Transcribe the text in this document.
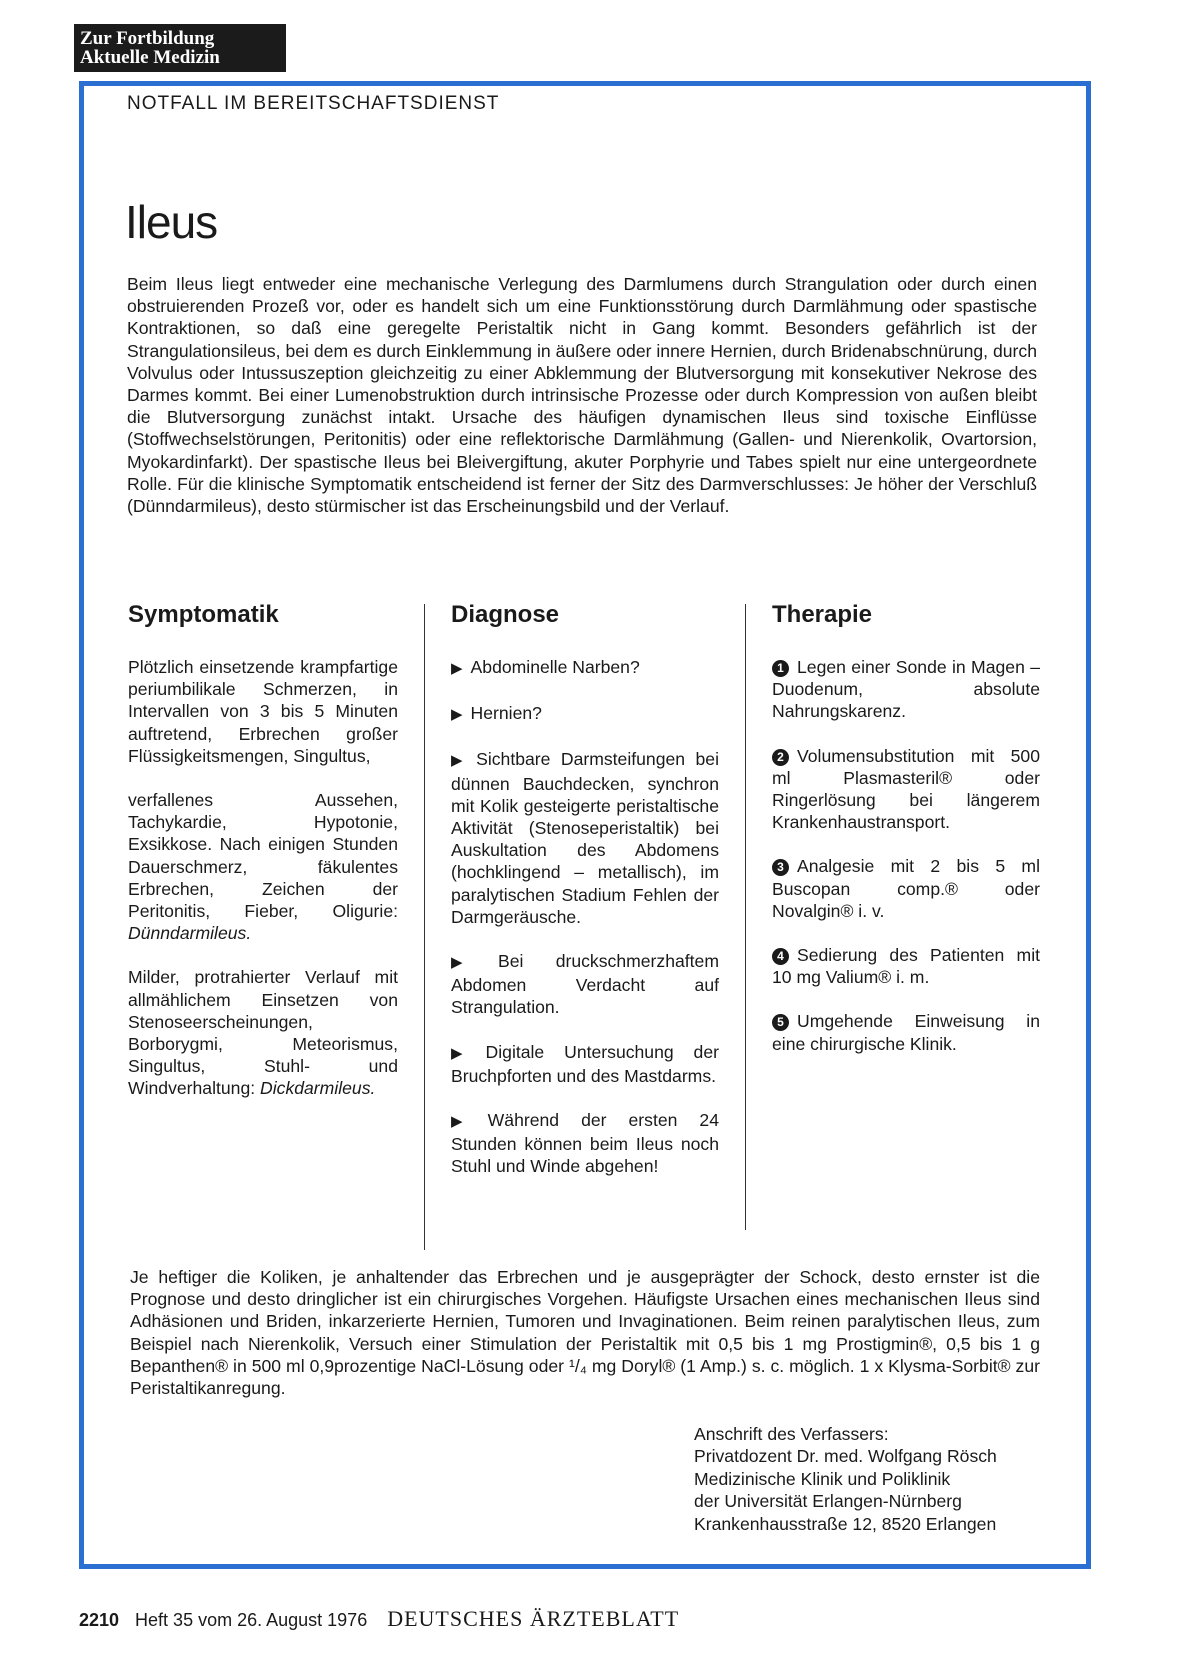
Zur Fortbildung
Aktuelle Medizin
NOTFALL IM BEREITSCHAFTSDIENST
Ileus

Beim Ileus liegt entweder eine mechanische Verlegung des Darmlumens durch Strangulation oder durch einen obstruierenden Prozeß vor, oder es handelt sich um eine Funktionsstörung durch Darmlähmung oder spastische Kontraktionen, so daß eine geregelte Peristaltik nicht in Gang kommt. Besonders gefährlich ist der Strangulationsileus, bei dem es durch Einklemmung in äußere oder innere Hernien, durch Bridenabschnürung, durch Volvulus oder Intussuszeption gleichzeitig zu einer Abklemmung der Blutversorgung mit konsekutiver Nekrose des Darmes kommt. Bei einer Lumenobstruktion durch intrinsische Prozesse oder durch Kompression von außen bleibt die Blutversorgung zunächst intakt. Ursache des häufigen dynamischen Ileus sind toxische Einflüsse (Stoffwechselstörungen, Peritonitis) oder eine reflektorische Darmlähmung (Gallen- und Nierenkolik, Ovartorsion, Myokardinfarkt). Der spastische Ileus bei Bleivergiftung, akuter Porphyrie und Tabes spielt nur eine untergeordnete Rolle. Für die klinische Symptomatik entscheidend ist ferner der Sitz des Darmverschlusses: Je höher der Verschluß (Dünndarmileus), desto stürmischer ist das Erscheinungsbild und der Verlauf.

Symptomatik

Plötzlich einsetzende krampfartige periumbilikale Schmerzen, in Intervallen von 3 bis 5 Minuten auftretend, Erbrechen großer Flüssigkeitsmengen, Singultus,

verfallenes Aussehen, Tachykardie, Hypotonie, Exsikkose. Nach einigen Stunden Dauerschmerz, fäkulentes Erbrechen, Zeichen der Peritonitis, Fieber, Oligurie: Dünndarmileus.

Milder, protrahierter Verlauf mit allmählichem Einsetzen von Stenoseerscheinungen, Borborygmi, Meteorismus, Singultus, Stuhl- und Windverhaltung: Dickdarmileus.

Diagnose

▶ Abdominelle Narben?

▶ Hernien?

▶ Sichtbare Darmsteifungen bei dünnen Bauchdecken, synchron mit Kolik gesteigerte peristaltische Aktivität (Stenoseperistaltik) bei Auskultation des Abdomens (hochklingend – metallisch), im paralytischen Stadium Fehlen der Darmgeräusche.

▶ Bei druckschmerzhaftem Abdomen Verdacht auf Strangulation.

▶ Digitale Untersuchung der Bruchpforten und des Mastdarms.

▶ Während der ersten 24 Stunden können beim Ileus noch Stuhl und Winde abgehen!

Therapie

1 Legen einer Sonde in Magen – Duodenum, absolute Nahrungskarenz.

2 Volumensubstitution mit 500 ml Plasmasteril® oder Ringerlösung bei längerem Krankenhaustransport.

3 Analgesie mit 2 bis 5 ml Buscopan comp.® oder Novalgin® i. v.

4 Sedierung des Patienten mit 10 mg Valium® i. m.

5 Umgehende Einweisung in eine chirurgische Klinik.

Je heftiger die Koliken, je anhaltender das Erbrechen und je ausgeprägter der Schock, desto ernster ist die Prognose und desto dringlicher ist ein chirurgisches Vorgehen. Häufigste Ursachen eines mechanischen Ileus sind Adhäsionen und Briden, inkarzerierte Hernien, Tumoren und Invaginationen. Beim reinen paralytischen Ileus, zum Beispiel nach Nierenkolik, Versuch einer Stimulation der Peristaltik mit 0,5 bis 1 mg Prostigmin®, 0,5 bis 1 g Bepanthen® in 500 ml 0,9prozentige NaCl-Lösung oder ¹/₄ mg Doryl® (1 Amp.) s. c. möglich. 1 x Klysma-Sorbit® zur Peristaltikanregung.

Anschrift des Verfassers:
Privatdozent Dr. med. Wolfgang Rösch
Medizinische Klinik und Poliklinik
der Universität Erlangen-Nürnberg
Krankenhausstraße 12, 8520 Erlangen
2210 Heft 35 vom 26. August 1976 DEUTSCHES ÄRZTEBLATT
